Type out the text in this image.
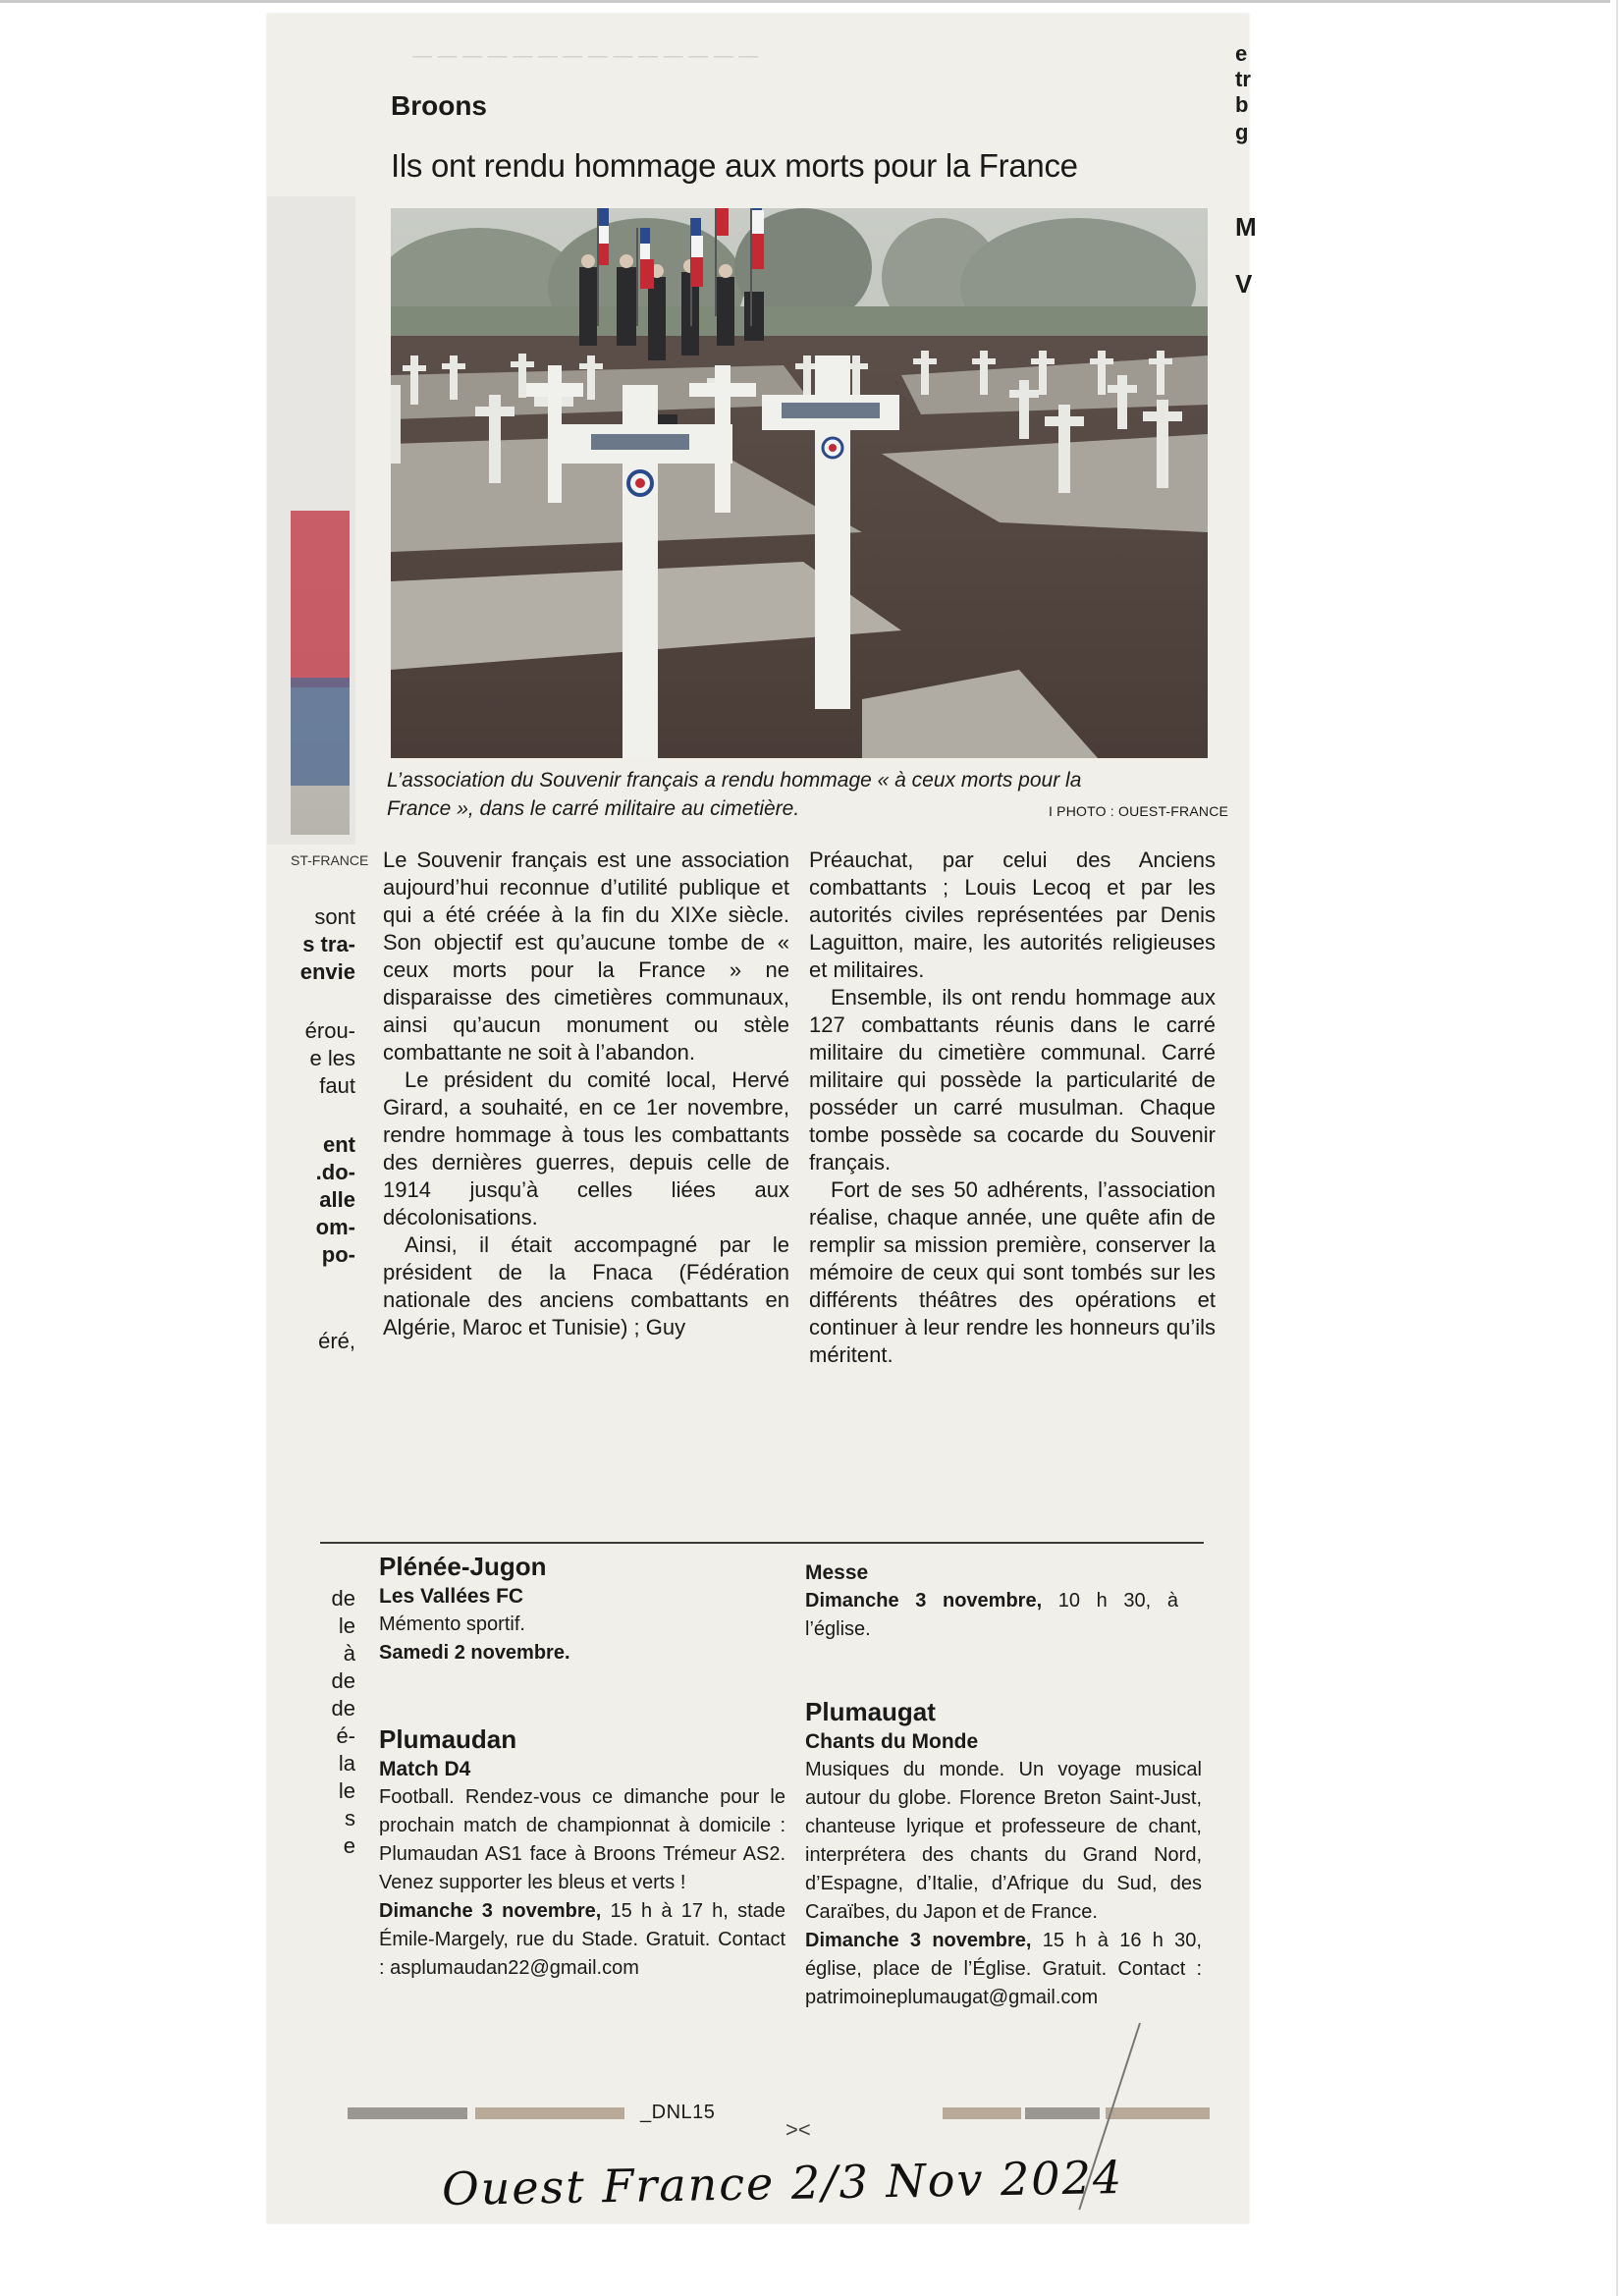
— — — — — — — — — — — — — —
ST-FRANCE
sont
s tra-
envie
érou-
e les
faut
ent
.do-
alle
om-
po-
éré,
de
le
à
de
de
é-
la
le
s
e
e
tr
b
g
M
V
Broons
Ils ont rendu hommage aux morts pour la France

L’association du Souvenir français a rendu hommage « à ceux morts pour la France », dans le carré militaire au cimetière.	I PHOTO : OUEST-FRANCE

Le Souvenir français est une association aujourd’hui reconnue d’utilité publique et qui a été créée à la fin du XIXe siècle. Son objectif est qu’aucune tombe de « ceux morts pour la France » ne disparaisse des cimetières communaux, ainsi qu’aucun monument ou stèle combattante ne soit à l’abandon.

Le président du comité local, Hervé Girard, a souhaité, en ce 1er novembre, rendre hommage à tous les combattants des dernières guerres, depuis celle de 1914 jusqu’à celles liées aux décolonisations.

Ainsi, il était accompagné par le président de la Fnaca (Fédération nationale des anciens combattants en Algérie, Maroc et Tunisie) ; Guy

Préauchat, par celui des Anciens combattants ; Louis Lecoq et par les autorités civiles représentées par Denis Laguitton, maire, les autorités religieuses et militaires.

Ensemble, ils ont rendu hommage aux 127 combattants réunis dans le carré militaire du cimetière communal. Carré militaire qui possède la particularité de posséder un carré musulman. Chaque tombe possède sa cocarde du Souvenir français.

Fort de ses 50 adhérents, l’association réalise, chaque année, une quête afin de remplir sa mission première, conserver la mémoire de ceux qui sont tombés sur les différents théâtres des opérations et continuer à leur rendre les honneurs qu’ils méritent.

Plénée-Jugon
Les Vallées FC

Mémento sportif.

Samedi 2 novembre.

Plumaudan
Match D4

Football. Rendez-vous ce dimanche pour le prochain match de championnat à domicile : Plumaudan AS1 face à Broons Trémeur AS2. Venez supporter les bleus et verts !

Dimanche 3 novembre, 15 h à 17 h, stade Émile-Margely, rue du Stade. Gratuit. Contact : asplumaudan22@gmail.com

Messe

Dimanche 3 novembre, 10 h 30, à l’église.

Plumaugat
Chants du Monde

Musiques du monde. Un voyage musical autour du globe. Florence Breton Saint-Just, chanteuse lyrique et professeure de chant, interprétera des chants du Grand Nord, d’Espagne, d’Italie, d’Afrique du Sud, des Caraïbes, du Japon et de France.

Dimanche 3 novembre, 15 h à 16 h 30, église, place de l’Église. Gratuit. Contact : patrimoineplumaugat@gmail.com

_DNL15
><
Ouest France 2/3 Nov 2024
